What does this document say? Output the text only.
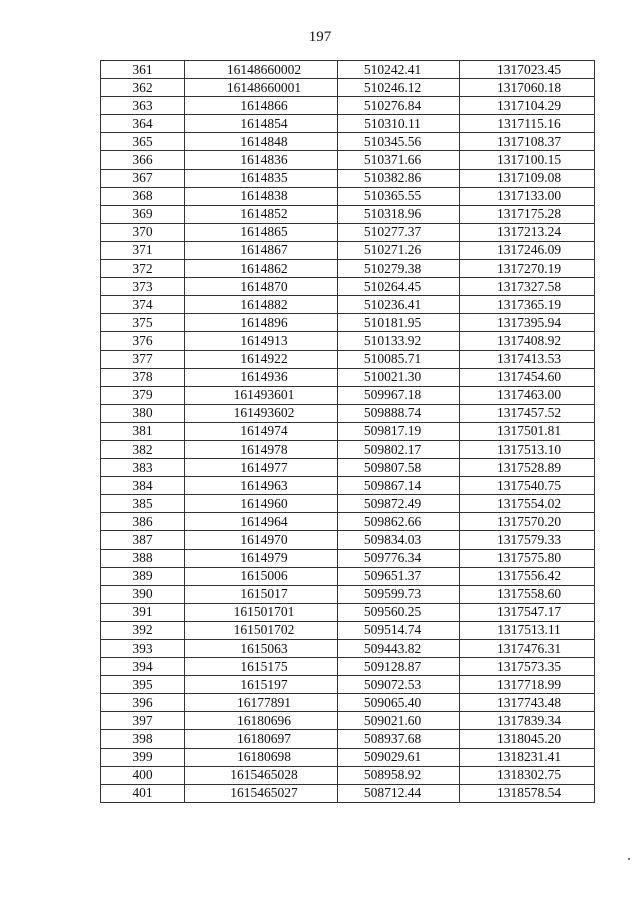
197
361	16148660002	510242.41	1317023.45
362	16148660001	510246.12	1317060.18
363	1614866	510276.84	1317104.29
364	1614854	510310.11	1317115.16
365	1614848	510345.56	1317108.37
366	1614836	510371.66	1317100.15
367	1614835	510382.86	1317109.08
368	1614838	510365.55	1317133.00
369	1614852	510318.96	1317175.28
370	1614865	510277.37	1317213.24
371	1614867	510271.26	1317246.09
372	1614862	510279.38	1317270.19
373	1614870	510264.45	1317327.58
374	1614882	510236.41	1317365.19
375	1614896	510181.95	1317395.94
376	1614913	510133.92	1317408.92
377	1614922	510085.71	1317413.53
378	1614936	510021.30	1317454.60
379	161493601	509967.18	1317463.00
380	161493602	509888.74	1317457.52
381	1614974	509817.19	1317501.81
382	1614978	509802.17	1317513.10
383	1614977	509807.58	1317528.89
384	1614963	509867.14	1317540.75
385	1614960	509872.49	1317554.02
386	1614964	509862.66	1317570.20
387	1614970	509834.03	1317579.33
388	1614979	509776.34	1317575.80
389	1615006	509651.37	1317556.42
390	1615017	509599.73	1317558.60
391	161501701	509560.25	1317547.17
392	161501702	509514.74	1317513.11
393	1615063	509443.82	1317476.31
394	1615175	509128.87	1317573.35
395	1615197	509072.53	1317718.99
396	16177891	509065.40	1317743.48
397	16180696	509021.60	1317839.34
398	16180697	508937.68	1318045.20
399	16180698	509029.61	1318231.41
400	1615465028	508958.92	1318302.75
401	1615465027	508712.44	1318578.54
